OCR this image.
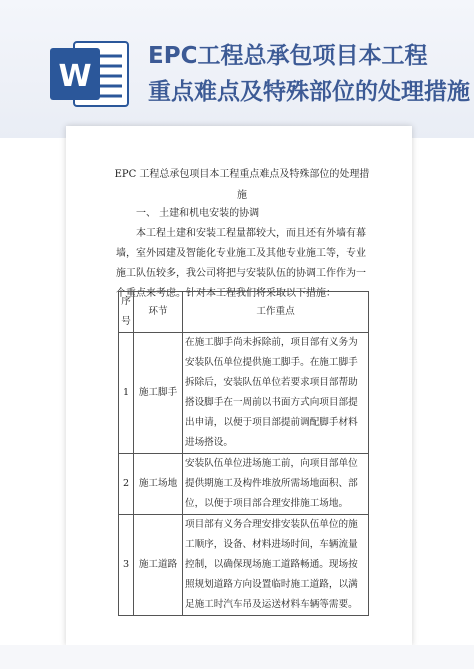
W
EPC工程总承包项目本工程
重点难点及特殊部位的处理措施
EPC 工程总承包项目本工程重点难点及特殊部位的处理措
施

一、 土建和机电安装的协调

本工程土建和安装工程量都较大，而且还有外墙有幕墙，室外园建及智能化专业施工及其他专业施工等，专业施工队伍较多，我公司将把与安装队伍的协调工作作为一个重点来考虑。针对本工程我们将采取以下措施：

序号	环节	工作重点
1	施工脚手	在施工脚手尚未拆除前，项目部有义务为安装队伍单位提供施工脚手。在施工脚手拆除后，安装队伍单位若要求项目部帮助搭设脚手在一周前以书面方式向项目部提出申请，以便于项目部提前调配脚手材料进场搭设。
2	施工场地	安装队伍单位进场施工前，向项目部单位提供期施工及构件堆放所需场地面积、部位，以便于项目部合理安排施工场地。
3	施工道路	项目部有义务合理安排安装队伍单位的施工顺序，设备、材料进场时间，车辆流量控制，以确保现场施工道路畅通。现场按照规划道路方向设置临时施工道路，以满足施工时汽车吊及运送材料车辆等需要。
